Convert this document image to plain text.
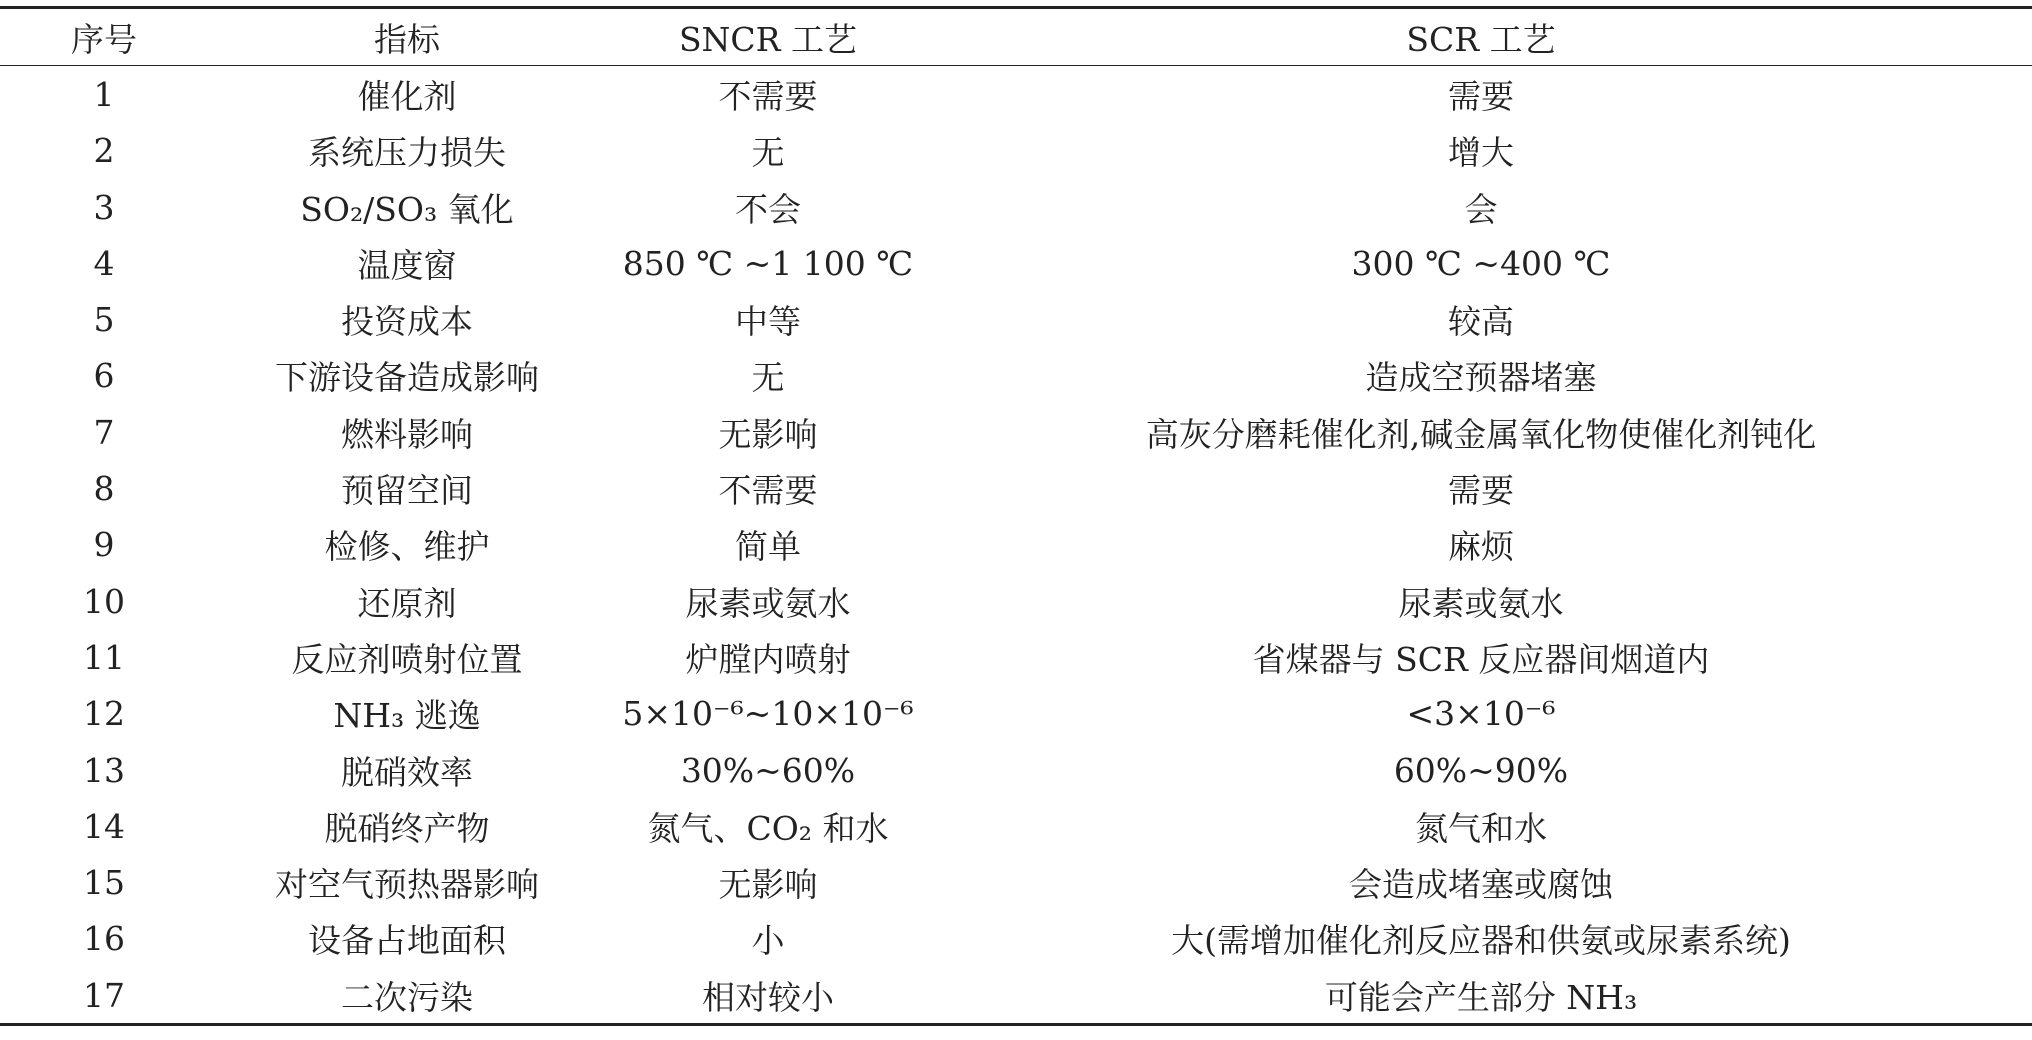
序号	指标	SNCR 工艺	SCR 工艺
1	催化剂	不需要	需要
2	系统压力损失	无	增大
3	SO₂/SO₃ 氧化	不会	会
4	温度窗	850 ℃ ~1 100 ℃	300 ℃ ~400 ℃
5	投资成本	中等	较高
6	下游设备造成影响	无	造成空预器堵塞
7	燃料影响	无影响	高灰分磨耗催化剂,碱金属氧化物使催化剂钝化
8	预留空间	不需要	需要
9	检修、维护	简单	麻烦
10	还原剂	尿素或氨水	尿素或氨水
11	反应剂喷射位置	炉膛内喷射	省煤器与 SCR 反应器间烟道内
12	NH₃ 逃逸	5×10⁻⁶~10×10⁻⁶	<3×10⁻⁶
13	脱硝效率	30%~60%	60%~90%
14	脱硝终产物	氮气、CO₂ 和水	氮气和水
15	对空气预热器影响	无影响	会造成堵塞或腐蚀
16	设备占地面积	小	大(需增加催化剂反应器和供氨或尿素系统)
17	二次污染	相对较小	可能会产生部分 NH₃
